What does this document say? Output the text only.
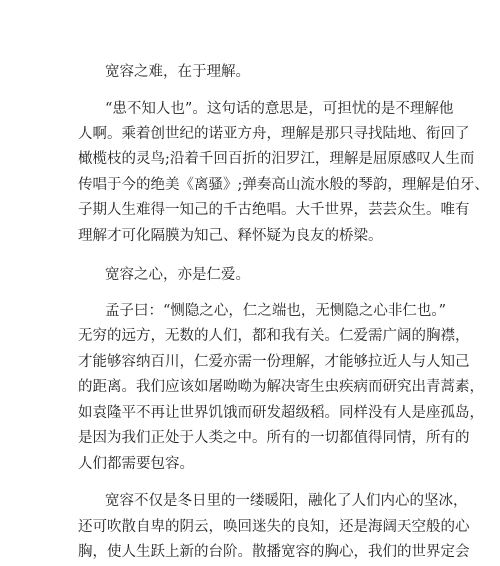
宽容之难，在于理解。
“患不知人也”。这句话的意思是，可担忧的是不理解他
人啊。乘着创世纪的诺亚方舟，理解是那只寻找陆地、衔回了
橄榄枝的灵鸟;沿着千回百折的汨罗江，理解是屈原感叹人生而
传唱于今的绝美《离骚》;弹奏高山流水般的琴韵，理解是伯牙、
子期人生难得一知己的千古绝唱。大千世界，芸芸众生。唯有
理解才可化隔膜为知己、释怀疑为良友的桥梁。
宽容之心，亦是仁爱。
孟子曰：“恻隐之心，仁之端也，无恻隐之心非仁也。”
无穷的远方，无数的人们，都和我有关。仁爱需广阔的胸襟，
才能够容纳百川，仁爱亦需一份理解，才能够拉近人与人知己
的距离。我们应该如屠呦呦为解决寄生虫疾病而研究出青蒿素，
如袁隆平不再让世界饥饿而研发超级稻。同样没有人是座孤岛，
是因为我们正处于人类之中。所有的一切都值得同情，所有的
人们都需要包容。
宽容不仅是冬日里的一缕暖阳，融化了人们内心的坚冰，
还可吹散自卑的阴云，唤回迷失的良知，还是海阔天空般的心
胸，使人生跃上新的台阶。散播宽容的胸心，我们的世界定会
